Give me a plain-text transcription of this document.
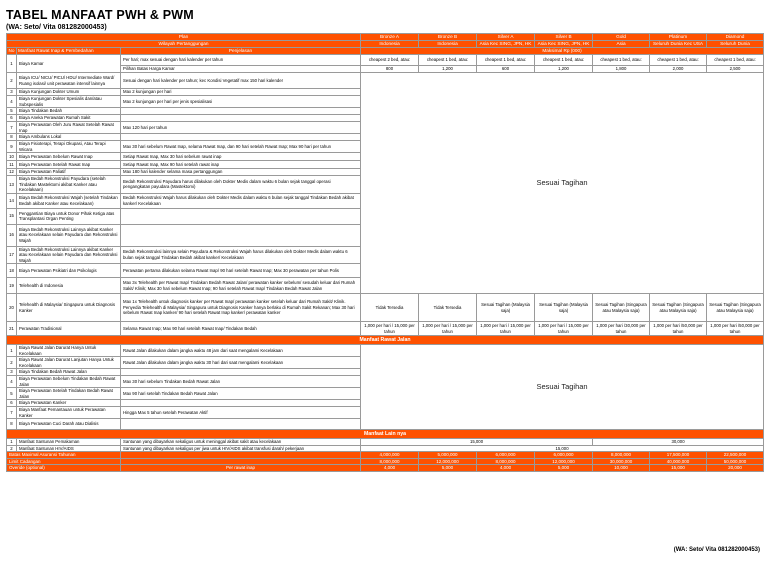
TABEL MANFAAT PWH & PWM
(WA: Seto/ Vita 081282000453)
Plan			Bronze A	Bronze B	Silver A	Silver B	Gold	Platinum	Diamond
Wilayah Pertanggungan			Indonesia	Indonesia	Asia Kec SING, JPN, HK	Asia Kec SING, JPN, HK	Asia	Seluruh Dunia Kec USA	Seluruh Dunia
No	Manfaat Rawat Inap & Pembedahan	Penjelasan	Maksimal Rp (000)						
1	Biaya Kamar	Per hari; max sesuai dengan hari kalender per tahun	cheapest 2 bed, atau:	cheapest 1 bed, atau:	cheapest 1 bed, atau:	cheapest 1 bed, atau:	cheapest 1 bed, atau:	cheapest 1 bed, atau:	cheapest 1 bed, atau:
		Pilihan Batas Harga Kamar	800	1,200	600	1,200	1,800	2,000	2,500
2	Biaya ICU/ NICU/ PICU/ HDU/ Intermediate Ward/ Ruang isolasi/ unit perawatan intensif lainnya	Sesuai dengan hari kalender per tahun; kec Kondisi Vegetatif max 150 hari kalender	Sesuai Tagihan						
3	Biaya Kunjungan Dokter Umum	Max 2 kunjungan per hari							
4	Biaya Kunjungan Dokter Spesialis dan/atau Subspesialis	Max 2 kunjungan per hari per jenis spesialisasi							
5	Biaya Tindakan Bedah								
6	Biaya Aneka Perawatan Rumah Sakit								
7	Biaya Perawatan Oleh Juru Rawat Setelah Rawat Inap	Max 120 hari per tahun							
8	Biaya Ambulans Lokal								
9	Biaya Fisioterapi, Terapi Okupasi, Atau Terapi Wicara	Max 30 hari sebelum Rawat Inap, selama Rawat Inap, dan 90 hari setelah Rawat Inap; Max 90 hari per tahun							
10	Biaya Perawatan Sebelum Rawat Inap	Setiap Rawat Inap, Max 30 hari sebelum rawat inap							
11	Biaya Perawatan Setelah Rawat Inap	Setiap Rawat Inap, Max 90 hari setelah rawat inap							
12	Biaya Perawatan Paliatif	Max 180 hari kalender selama masa pertanggungan							
13	Biaya Bedah Rekonstruksi Payudara (setelah Tindakan Mastektomi akibat Kanker atau Kecelakaan)	Bedah Rekonstruksi Payudara harus dilakukan oleh Dokter Medis dalam waktu 6 bulan sejak tanggal operasi pengangkatan payudara (Mastektomi)							
14	Biaya Bedah Rekonstruksi Wajah (setelah Tindakan Bedah akibat Kanker atau Kecelakaan)	Bedah Rekonstruksi Wajah harus dilakukan oleh Dokter Medis dalam waktu 6 bulan sejak tanggal Tindakan Bedah akibat kanker/ Kecelakaan							
15	Penggantian Biaya untuk Donor Pihak Ketiga atas Transplantasi Organ Penting								
16	Biaya Bedah Rekonstruksi Lainnya akibat Kanker atau Kecelakaan selain Payudara dan Rekonstruksi Wajah								
17	Biaya Bedah Rekonstruksi Lainnya akibat Kanker atau Kecelakaan selain Payudara dan Rekonstruksi Wajah	Bedah Rekonstruksi lainnya selain Payudara & Rekonstruksi Wajah harus dilakukan oleh Dokter Medis dalam waktu 6 bulan sejak tanggal Tindakan Bedah akibat kanker/ Kecelakaan							
18	Biaya Perawatan Psikiatri dan Psikologis	Perawatan pertama dilakukan selama Rawat Inap/ 90 hari setelah Rawat Inap; Max 30 perawatan per tahun Polis							
19	Telehealth di Indonesia	Max 3x Telehealth per Rawat Inap/ Tindakan Bedah Rawat Jalan/ perawatan kanker sebelum/ sesudah keluar dari Rumah Sakit/ Klinik; Max 30 hari sebelum Rawat Inap; 90 hari setelah Rawat Inap/ Tindakan Bedah Rawat Jalan							
20	Telehealth di Malaysia/ Singapura untuk Diagnosis Kanker	Max 1x Telehealth untuk diagnosis kanker per Rawat Inap/ perawatan kanker setelah keluar dari Rumah Sakit/ Klinik. Penyedia Telehealth di Malaysia/ Singapura untuk Diagnosis Kanker hanya berlaku di Rumah Sakit Rekanan; Max 30 hari sebelum Rawat Inap kanker/ 90 hari setelah Rawat Inap kanker/ perawatan kanker	Tidak Tersedia	Tidak Tersedia	Sesuai Tagihan (Malaysia saja)	Sesuai Tagihan (Malaysia saja)	Sesuai Tagihan (Singapura atau Malaysia saja)	Sesuai Tagihan (Singapura atau Malaysia saja)	Sesuai Tagihan (Singapura atau Malaysia saja)
21	Perawatan Tradisional	Selama Rawat Inap; Max 90 hari setelah Rawat Inap/ Tindakan Bedah	1,000 per hari / 15,000 per tahun	1,000 per hari / 15,000 per tahun	1,000 per hari / 15,000 per tahun	1,000 per hari / 15,000 per tahun	1,000 per hari /30,000 per tahun	1,000 per hari /50,000 per tahun	1,000 per hari /50,000 per tahun
Manfaat Rawat Jalan									
1	Biaya Rawat Jalan Darurat Hanya Untuk Kecelakaan	Rawat Jalan dilakukan dalam jangka waktu 48 jam dari saat mengalami Kecelakaan	Sesuai Tagihan						
2	Biaya Rawat Jalan Darurat Lanjutan Hanya Untuk Kecelakaan	Rawat Jalan dilakukan dalam jangka waktu 30 hari dari saat mengalami Kecelakaan							
3	Biaya Tindakan Bedah Rawat Jalan								
4	Biaya Perawatan Sebelum Tindakan Bedah Rawat Jalan	Max 30 hari sebelum Tindakan Bedah Rawat Jalan							
5	Biaya Perawatan Setelah Tindakan Bedah Rawat Jalan	Max 90 hari setelah Tindakan Bedah Rawat Jalan							
6	Biaya Perawatan Kanker								
7	Biaya Manfaat Pemantauan untuk Perawatan Kanker	Hingga Max 5 tahun setelah Perawatan Aktif							
8	Biaya Perawatan Cuci Darah atau Dialisis								
Manfaat Lain nya									
1	Manfaat Santunan Pemakaman	Santunan yang dibayarkan sekaligus untuk meninggal akibat sakit atau kecelakaan	15,000				30,000		
2	Manfaat Santunan HIV/AIDS	Santunan yang dibayarkan sekaligus per jiwa untuk HIV/AIDS akibat transfusi darah/ pekerjaan	15,000						
Batas Maximal Asuransi Tahunan			4,000,000	5,000,000	6,000,000	6,000,000	8,000,000	17,500,000	22,500,000
Limit Cadangan			8,000,000	12,000,000	8,000,000	12,000,000	30,000,000	40,000,000	50,000,000
Overide (optional)		Per rawat inap	4,000	5,000	4,000	5,000	10,000	15,000	20,000
(WA: Seto/ Vita 081282000453)
